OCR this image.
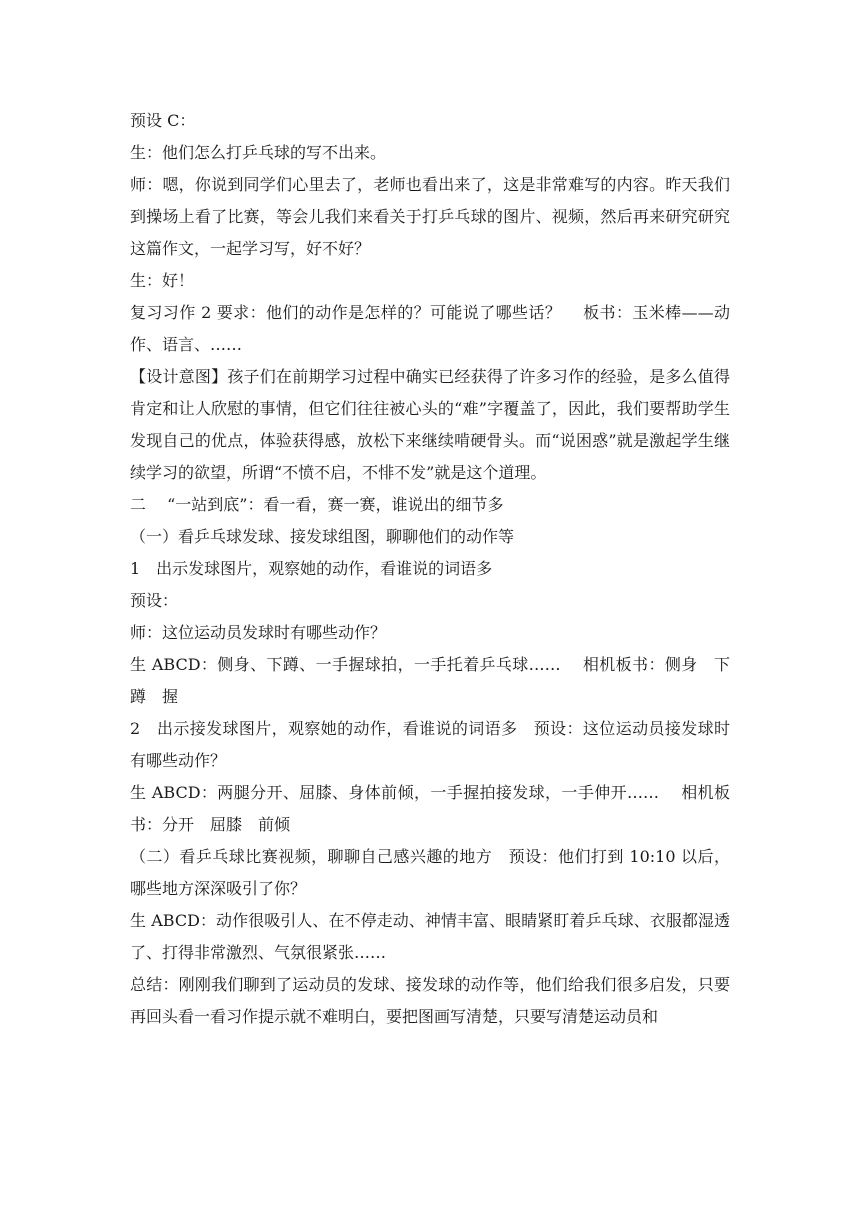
预设 C：

生：他们怎么打乒乓球的写不出来。

师：嗯，你说到同学们心里去了，老师也看出来了，这是非常难写的内容。昨天我们到操场上看了比赛，等会儿我们来看关于打乒乓球的图片、视频，然后再来研究研究这篇作文，一起学习写，好不好？

生：好！

复习习作 2 要求：他们的动作是怎样的？可能说了哪些话？　 板书：玉米棒——动作、语言、……

【设计意图】孩子们在前期学习过程中确实已经获得了许多习作的经验，是多么值得肯定和让人欣慰的事情，但它们往往被心头的“难”字覆盖了，因此，我们要帮助学生发现自己的优点，体验获得感，放松下来继续啃硬骨头。而“说困惑”就是激起学生继续学习的欲望，所谓“不愤不启，不悱不发”就是这个道理。

二　 “一站到底”：看一看，赛一赛，谁说出的细节多

（一）看乒乓球发球、接发球组图，聊聊他们的动作等

1　出示发球图片，观察她的动作，看谁说的词语多

预设：

师：这位运动员发球时有哪些动作？

生 ABCD：侧身、下蹲、一手握球拍，一手托着乒乓球……　 相机板书：侧身　下蹲　握

2　出示接发球图片，观察她的动作，看谁说的词语多　预设：这位运动员接发球时有哪些动作？

生 ABCD：两腿分开、屈膝、身体前倾，一手握拍接发球，一手伸开……　 相机板书：分开　屈膝　前倾

（二）看乒乓球比赛视频，聊聊自己感兴趣的地方　预设：他们打到 10:10 以后，哪些地方深深吸引了你？

生 ABCD：动作很吸引人、在不停走动、神情丰富、眼睛紧盯着乒乓球、衣服都湿透了、打得非常激烈、气氛很紧张……

总结：刚刚我们聊到了运动员的发球、接发球的动作等，他们给我们很多启发，只要再回头看一看习作提示就不难明白，要把图画写清楚，只要写清楚运动员和
